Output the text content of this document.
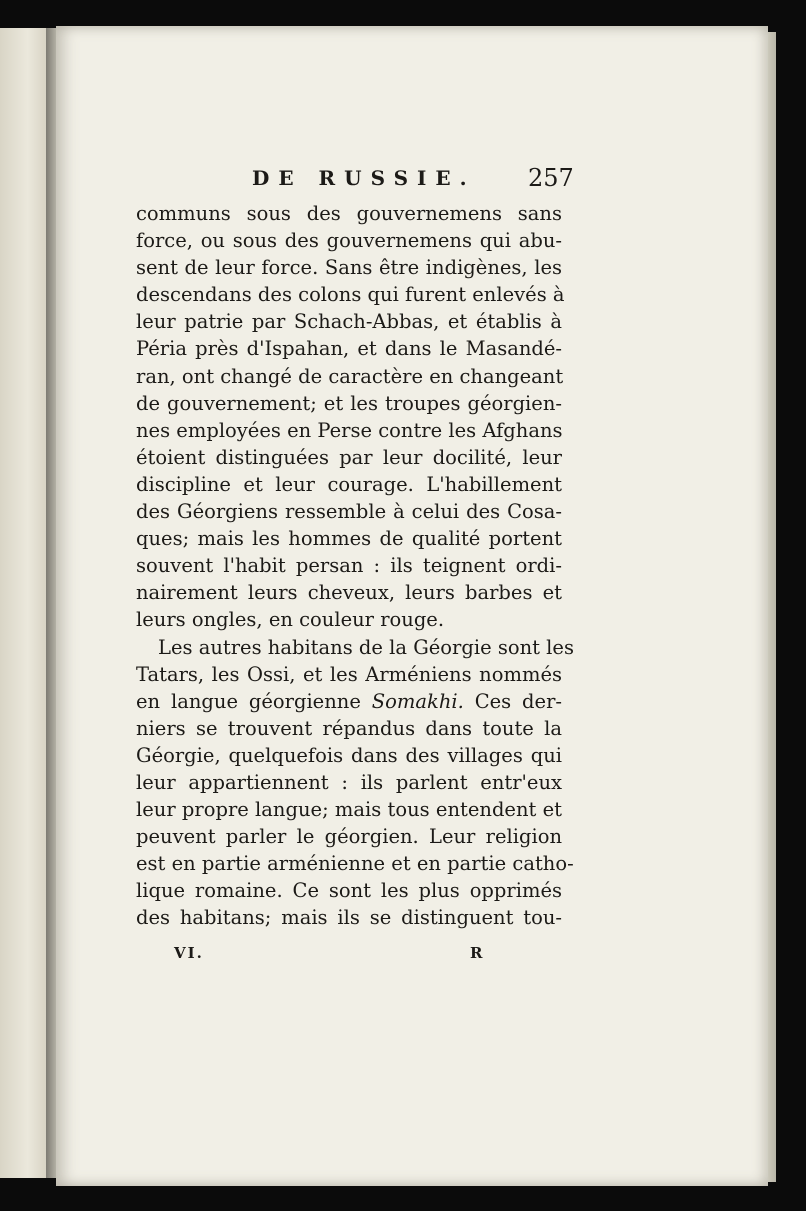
DE RUSSIE. 257
communs sous des gouvernemens sans
force, ou sous des gouvernemens qui abu-
sent de leur force. Sans être indigènes, les
descendans des colons qui furent enlevés à
leur patrie par Schach-Abbas, et établis à
Péria près d'Ispahan, et dans le Masandé-
ran, ont changé de caractère en changeant
de gouvernement; et les troupes géorgien-
nes employées en Perse contre les Afghans
étoient distinguées par leur docilité, leur
discipline et leur courage. L'habillement
des Géorgiens ressemble à celui des Cosa-
ques; mais les hommes de qualité portent
souvent l'habit persan : ils teignent ordi-
nairement leurs cheveux, leurs barbes et
leurs ongles, en couleur rouge.
Les autres habitans de la Géorgie sont les
Tatars, les Ossi, et les Arméniens nommés
en langue géorgienne Somakhi. Ces der-
niers se trouvent répandus dans toute la
Géorgie, quelquefois dans des villages qui
leur appartiennent : ils parlent entr'eux
leur propre langue; mais tous entendent et
peuvent parler le géorgien. Leur religion
est en partie arménienne et en partie catho-
lique romaine. Ce sont les plus opprimés
des habitans; mais ils se distinguent tou-
VI.	R
